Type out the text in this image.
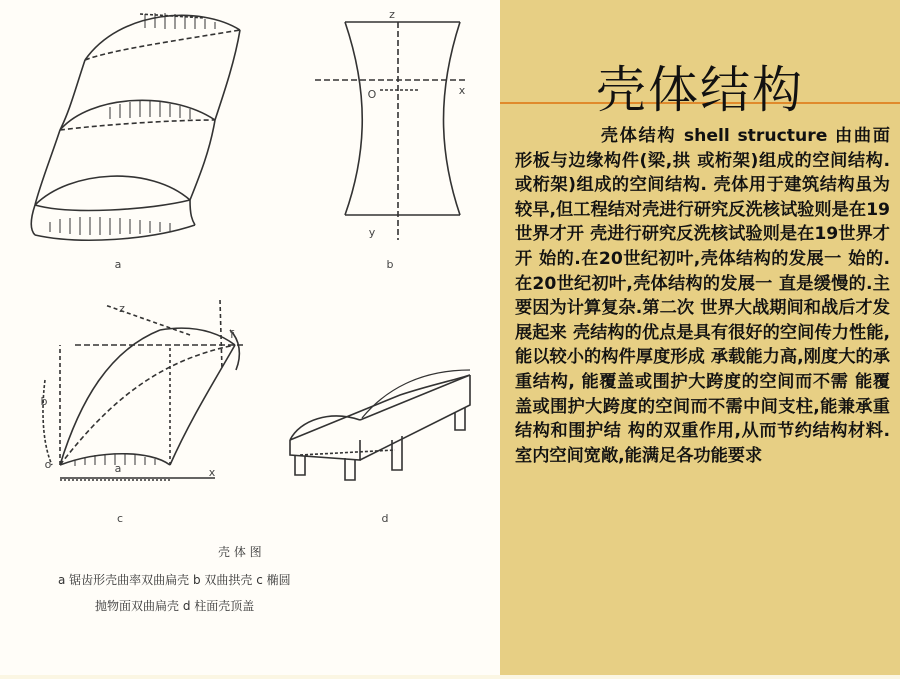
a	b
c	d
z
x
y
O
z
f
b
a	x
o
壳 体 图
a 锯齿形壳曲率双曲扁壳 b 双曲拱壳 c 椭圆
抛物面双曲扁壳 d 柱面壳顶盖
壳体结构
壳体结构 shell structure 由曲面形板与边缘构件(梁,拱 或桁架)组成的空间结构. 或桁架)组成的空间结构. 壳体用于建筑结构虽为较早,但工程结对壳进行研究反洗核试验则是在19世界才开 壳进行研究反洗核试验则是在19世界才开 始的.在20世纪初叶,壳体结构的发展一 始的.在20世纪初叶,壳体结构的发展一 直是缓慢的.主要因为计算复杂.第二次 世界大战期间和战后才发展起来 壳结构的优点是具有很好的空间传力性能,能以较小的构件厚度形成 承载能力高,刚度大的承重结构, 能覆盖或围护大跨度的空间而不需 能覆盖或围护大跨度的空间而不需中间支柱,能兼承重结构和围护结 构的双重作用,从而节约结构材料. 室内空间宽敞,能满足各功能要求
